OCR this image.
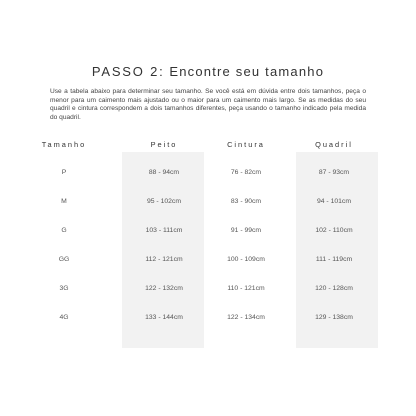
PASSO 2: Encontre seu tamanho
Use a tabela abaixo para determinar seu tamanho. Se você está em dúvida entre dois tamanhos, peça o menor para um caimento mais ajustado ou o maior para um caimento mais largo. Se as medidas do seu quadril e cintura correspondem a dois tamanhos diferentes, peça usando o tamanho indicado pela medida do quadril.
Tamanho	Peito	Cintura	Quadril
P	88 - 94cm	76 - 82cm	87 - 93cm
M	95 - 102cm	83 - 90cm	94 - 101cm
G	103 - 111cm	91 - 99cm	102 - 110cm
GG	112 - 121cm	100 - 109cm	111 - 119cm
3G	122 - 132cm	110 - 121cm	120 - 128cm
4G	133 - 144cm	122 - 134cm	129 - 138cm
